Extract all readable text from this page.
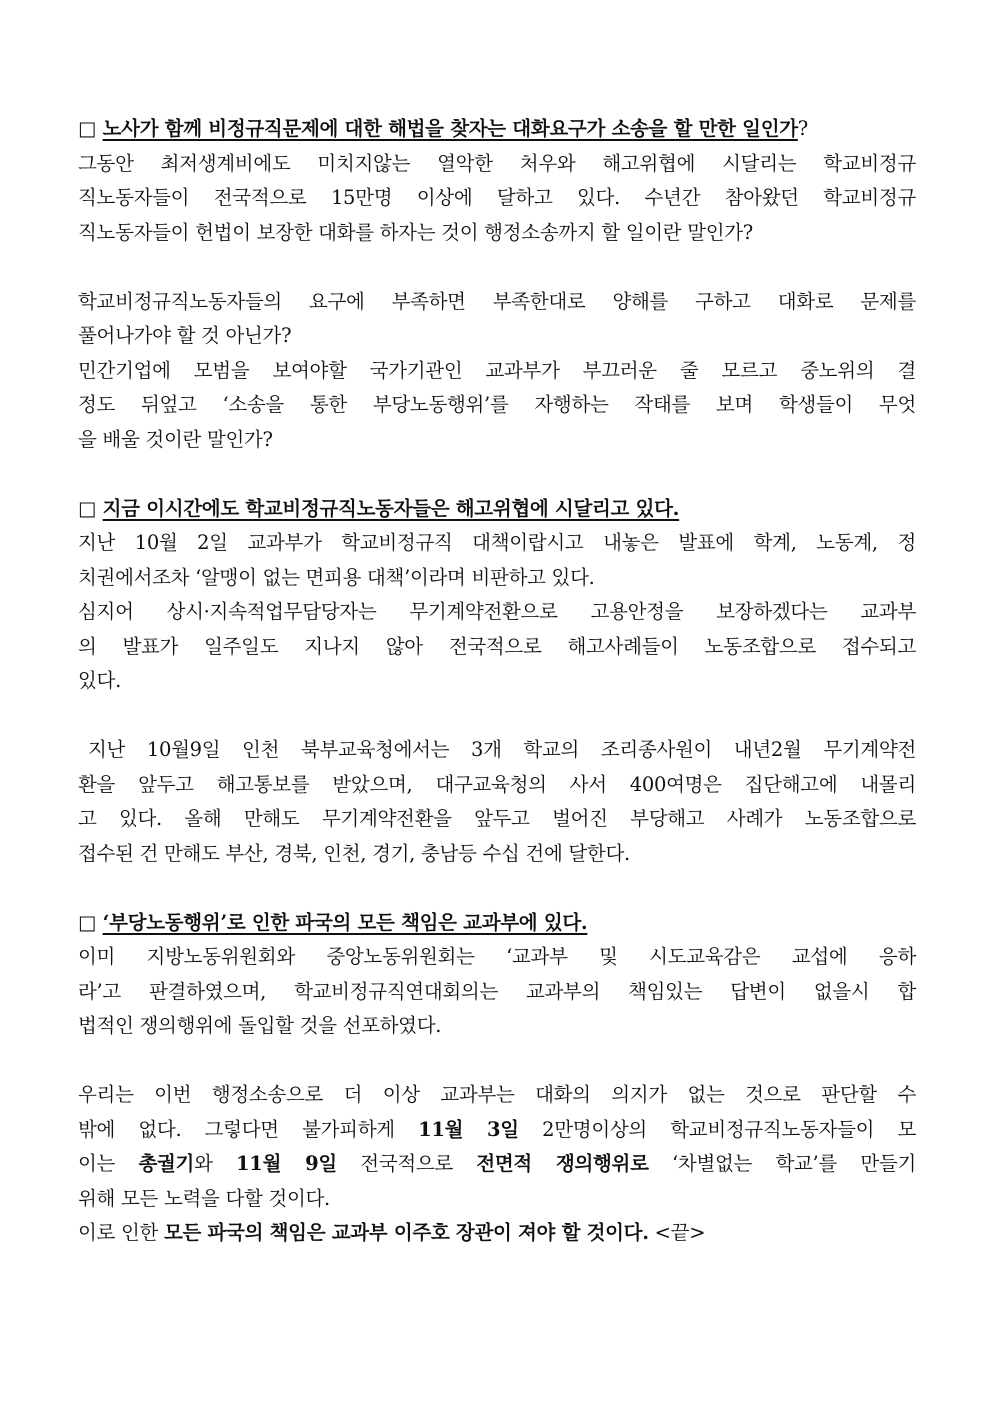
□ 노사가 함께 비정규직문제에 대한 해법을 찾자는 대화요구가 소송을 할 만한 일인가?
그동안 최저생계비에도 미치지않는 열악한 처우와 해고위협에 시달리는 학교비정규
직노동자들이 전국적으로 15만명 이상에 달하고 있다. 수년간 참아왔던 학교비정규
직노동자들이 헌법이 보장한 대화를 하자는 것이 행정소송까지 할 일이란 말인가?
학교비정규직노동자들의 요구에 부족하면 부족한대로 양해를 구하고 대화로 문제를
풀어나가야 할 것 아닌가?
민간기업에 모범을 보여야할 국가기관인 교과부가 부끄러운 줄 모르고 중노위의 결
정도 뒤엎고 ‘소송을 통한 부당노동행위’를 자행하는 작태를 보며 학생들이 무엇
을 배울 것이란 말인가?
□ 지금 이시간에도 학교비정규직노동자들은 해고위협에 시달리고 있다.
지난 10월 2일 교과부가 학교비정규직 대책이랍시고 내놓은 발표에 학계, 노동계, 정
치권에서조차 ‘알맹이 없는 면피용 대책’이라며 비판하고 있다.
심지어 상시·지속적업무담당자는 무기계약전환으로 고용안정을 보장하겠다는 교과부
의 발표가 일주일도 지나지 않아 전국적으로 해고사례들이 노동조합으로 접수되고
있다.
지난 10월9일 인천 북부교육청에서는 3개 학교의 조리종사원이 내년2월 무기계약전
환을 앞두고 해고통보를 받았으며, 대구교육청의 사서 400여명은 집단해고에 내몰리
고 있다. 올해 만해도 무기계약전환을 앞두고 벌어진 부당해고 사례가 노동조합으로
접수된 건 만해도 부산, 경북, 인천, 경기, 충남등 수십 건에 달한다.
□ ‘부당노동행위’로 인한 파국의 모든 책임은 교과부에 있다.
이미 지방노동위원회와 중앙노동위원회는 ‘교과부 및 시도교육감은 교섭에 응하
라’고 판결하였으며, 학교비정규직연대회의는 교과부의 책임있는 답변이 없을시 합
법적인 쟁의행위에 돌입할 것을 선포하였다.
우리는 이번 행정소송으로 더 이상 교과부는 대화의 의지가 없는 것으로 판단할 수
밖에 없다. 그렇다면 불가피하게 11월 3일 2만명이상의 학교비정규직노동자들이 모
이는 총궐기와 11월 9일 전국적으로 전면적 쟁의행위로 ‘차별없는 학교’를 만들기
위해 모든 노력을 다할 것이다.
이로 인한 모든 파국의 책임은 교과부 이주호 장관이 져야 할 것이다. <끝>
